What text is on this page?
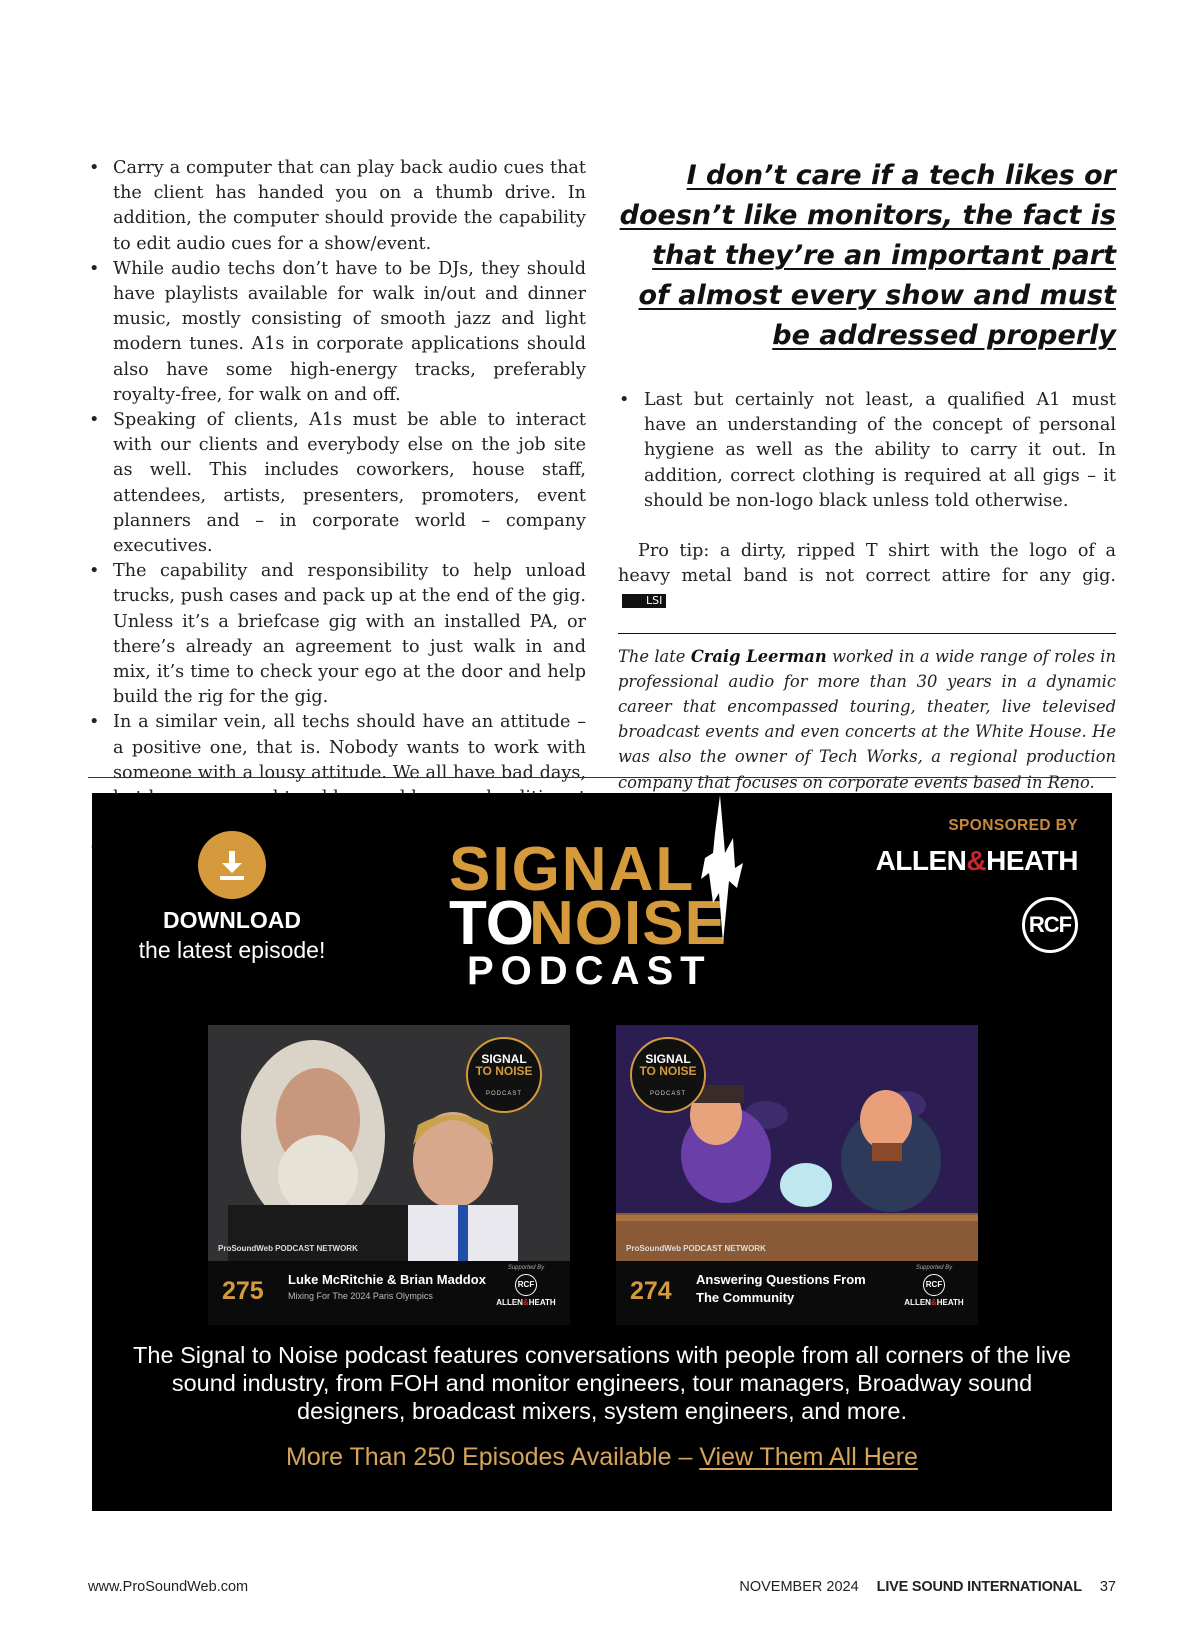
• Carry a computer that can play back audio cues that the client has handed you on a thumb drive. In addition, the computer should provide the capability to edit audio cues for a show/event.
• While audio techs don’t have to be DJs, they should have playlists available for walk in/out and dinner music, mostly consisting of smooth jazz and light modern tunes. A1s in corporate applications should also have some high-energy tracks, preferably royalty-free, for walk on and off.
• Speaking of clients, A1s must be able to interact with our clients and everybody else on the job site as well. This includes coworkers, house staff, attendees, artists, presenters, promoters, event planners and – in corporate world – company executives.
• The capability and responsibility to help unload trucks, push cases and pack up at the end of the gig. Unless it’s a briefcase gig with an installed PA, or there’s already an agreement to just walk in and mix, it’s time to check your ego at the door and help build the rig for the gig.
• In a similar vein, all techs should have an attitude – a positive one, that is. Nobody wants to work with someone with a lousy attitude. We all have bad days,
•

I don’t care if a tech likes or doesn’t like monitors, the fact is that they’re an important part of almost every show and must be addressed properly

• Last but certainly not least, a qualified A1 must have an understanding of the concept of personal hygiene as well as the ability to carry it out. In addition, correct clothing is required at all gigs – it should be non-logo black unless told otherwise.

Pro tip: a dirty, ripped T shirt with the logo of a heavy metal band is not correct attire for any gig. LSI

The late Craig Leerman worked in a wide range of roles in professional audio for more than 30 years in a dynamic career that encompassed touring, theater, live televised broadcast events and even concerts at the White House. He was also the owner of Tech Works, a regional production company that focuses on corporate events based in Reno.

DOWNLOAD
the latest episode!
SIGNAL
TO
NOISE
PODCAST
SPONSORED BY
ALLEN&HEATH
RCF
SIGNAL
TO NOISE
PODCAST
ProSoundWeb PODCAST NETWORK
275 Luke McRitchie & Brian Maddox
Mixing For The 2024 Paris Olympics
Supported By
RCF
ALLEN&HEATH
SIGNAL
TO NOISE
PODCAST
ProSoundWeb PODCAST NETWORK
274 Answering Questions From The Community
Supported By
RCF
ALLEN&HEATH
The Signal to Noise podcast features conversations with people from all corners of the live sound industry, from FOH and monitor engineers, tour managers, Broadway sound designers, broadcast mixers, system engineers, and more.
More Than 250 Episodes Available – View Them All Here
www.ProSoundWeb.com	NOVEMBER 2024 LIVE SOUND INTERNATIONAL 37
